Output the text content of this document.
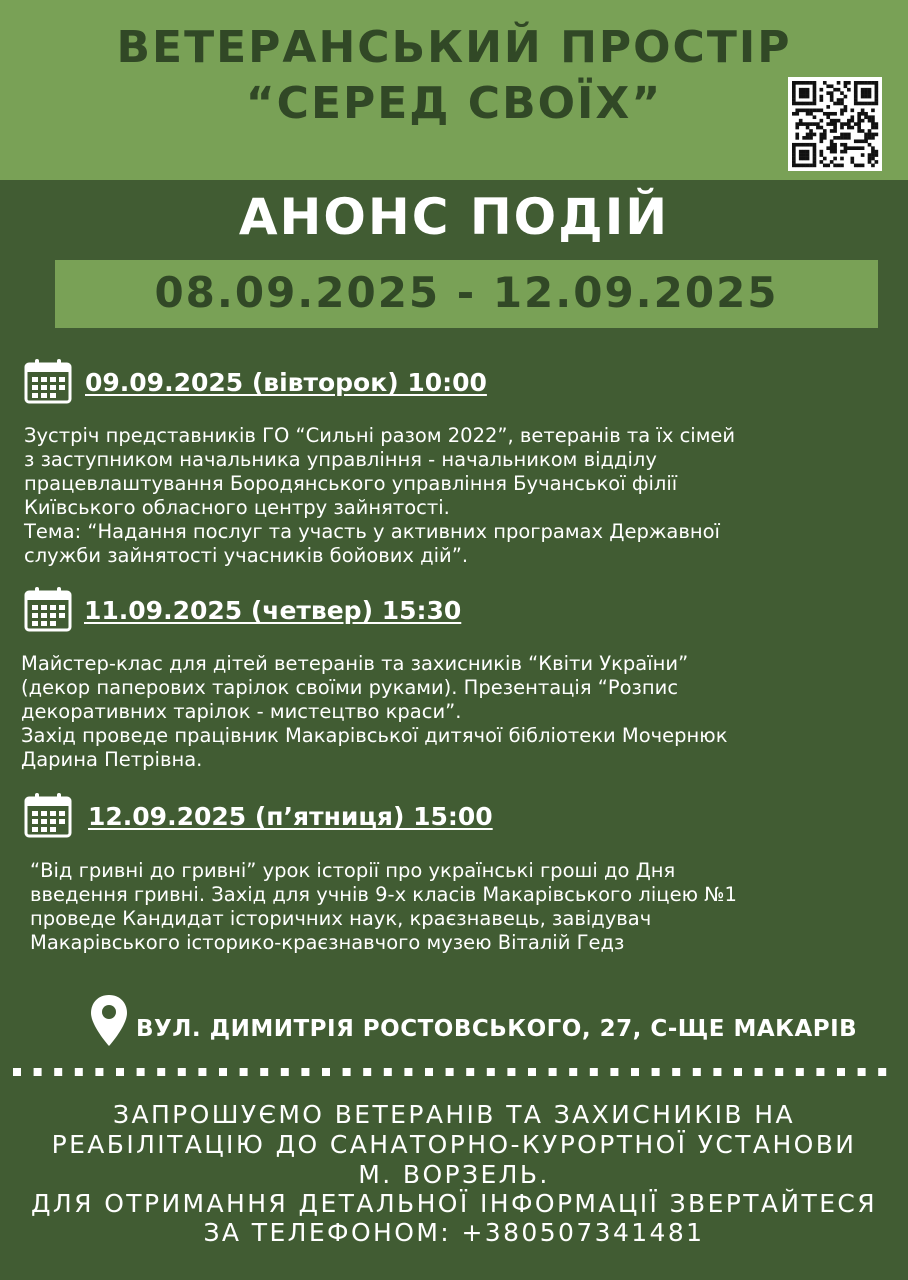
ВЕТЕРАНСЬКИЙ ПРОСТІР
“СЕРЕД СВОЇХ”
АНОНС ПОДІЙ
08.09.2025 - 12.09.2025
09.09.2025 (вівторок) 10:00
Зустріч представників ГО “Сильні разом 2022”, ветеранів та їх сімей
з заступником начальника управління - начальником відділу
працевлаштування Бородянського управління Бучанської філії
Київського обласного центру зайнятості.
Тема: “Надання послуг та участь у активних програмах Державної
служби зайнятості учасників бойових дій”.
11.09.2025 (четвер) 15:30
Майстер-клас для дітей ветеранів та захисників “Квіти України”
(декор паперових тарілок своїми руками). Презентація “Розпис
декоративних тарілок - мистецтво краси”.
Захід проведе працівник Макарівської дитячої бібліотеки Мочернюк
Дарина Петрівна.
12.09.2025 (п’ятниця) 15:00
“Від гривні до гривні” урок історії про українські гроші до Дня
введення гривні. Захід для учнів 9-х класів Макарівського ліцею №1
проведе Кандидат історичних наук, краєзнавець, завідувач
Макарівського історико-краєзнавчого музею Віталій Гедз
ВУЛ. ДИМИТРІЯ РОСТОВСЬКОГО, 27, С-ЩЕ МАКАРІВ
ЗАПРОШУЄМО ВЕТЕРАНІВ ТА ЗАХИСНИКІВ НА
РЕАБІЛІТАЦІЮ ДО САНАТОРНО-КУРОРТНОЇ УСТАНОВИ
М. ВОРЗЕЛЬ.
ДЛЯ ОТРИМАННЯ ДЕТАЛЬНОЇ ІНФОРМАЦІЇ ЗВЕРТАЙТЕСЯ
ЗА ТЕЛЕФОНОМ: +380507341481
